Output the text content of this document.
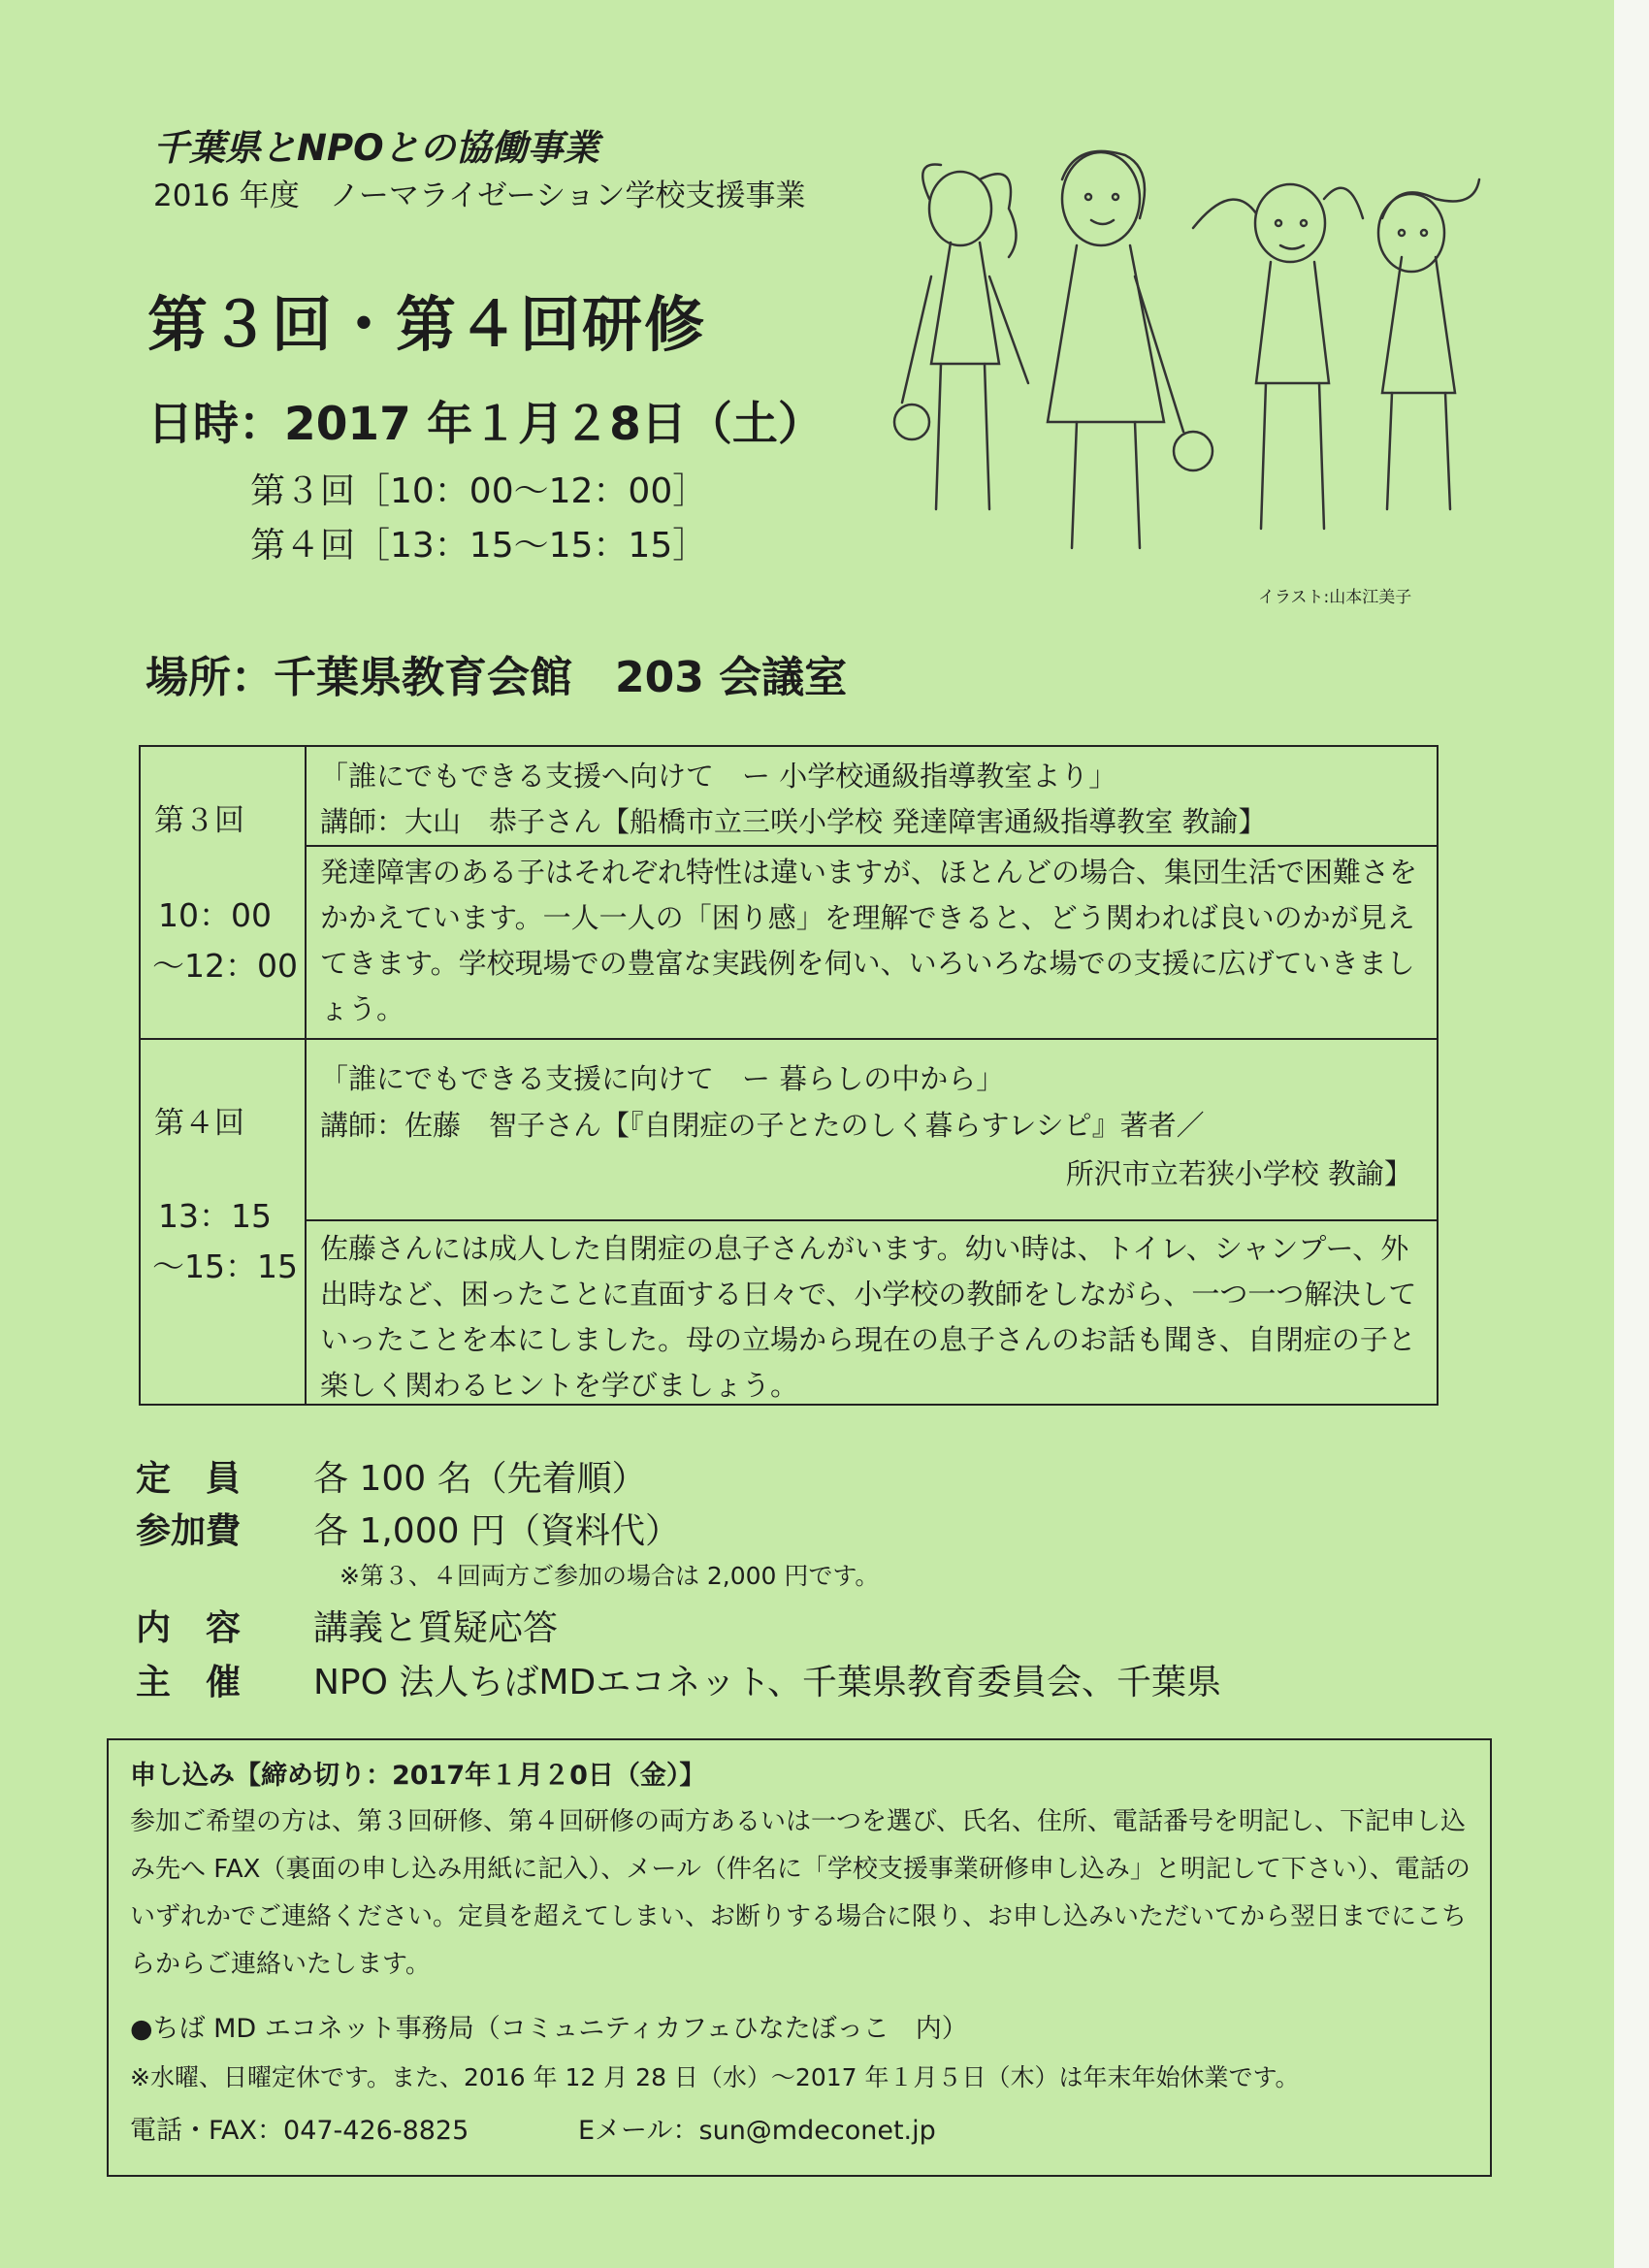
千葉県とNPOとの協働事業
2016 年度　ノーマライゼーション学校支援事業
第３回・第４回研修
日時：2017 年１月２8日（土）
第３回［10：00～12：00］
第４回［13：15～15：15］
イラスト:山本江美子
場所：千葉県教育会館　203 会議室
第３回
10：00
～12：00
「誰にでもできる支援へ向けて　ー 小学校通級指導教室より」
講師：大山　恭子さん【船橋市立三咲小学校 発達障害通級指導教室 教諭】
発達障害のある子はそれぞれ特性は違いますが、ほとんどの場合、集団生活で困難さをかかえています。一人一人の「困り感」を理解できると、どう関われば良いのかが見えてきます。学校現場での豊富な実践例を伺い、いろいろな場での支援に広げていきましょう。
第４回
13：15
～15：15
「誰にでもできる支援に向けて　ー 暮らしの中から」
講師：佐藤　智子さん【『自閉症の子とたのしく暮らすレシピ』著者／
所沢市立若狭小学校 教諭】
佐藤さんには成人した自閉症の息子さんがいます。幼い時は、トイレ、シャンプー、外出時など、困ったことに直面する日々で、小学校の教師をしながら、一つ一つ解決していったことを本にしました。母の立場から現在の息子さんのお話も聞き、自閉症の子と楽しく関わるヒントを学びましょう。
定　員 各 100 名（先着順）
参加費 各 1,000 円（資料代）
※第３、４回両方ご参加の場合は 2,000 円です。
内　容 講義と質疑応答
主　催 NPO 法人ちばMDエコネット、千葉県教育委員会、千葉県
申し込み【締め切り：2017年１月２0日（金）】
参加ご希望の方は、第３回研修、第４回研修の両方あるいは一つを選び、氏名、住所、電話番号を明記し、下記申し込み先へ FAX（裏面の申し込み用紙に記入）、メール（件名に「学校支援事業研修申し込み」と明記して下さい）、電話のいずれかでご連絡ください。定員を超えてしまい、お断りする場合に限り、お申し込みいただいてから翌日までにこちらからご連絡いたします。
●ちば MD エコネット事務局（コミュニティカフェひなたぼっこ　内）
※水曜、日曜定休です。また、2016 年 12 月 28 日（水）～2017 年１月５日（木）は年末年始休業です。
電話・FAX：047-426-8825	Eメール：sun@mdeconet.jp
